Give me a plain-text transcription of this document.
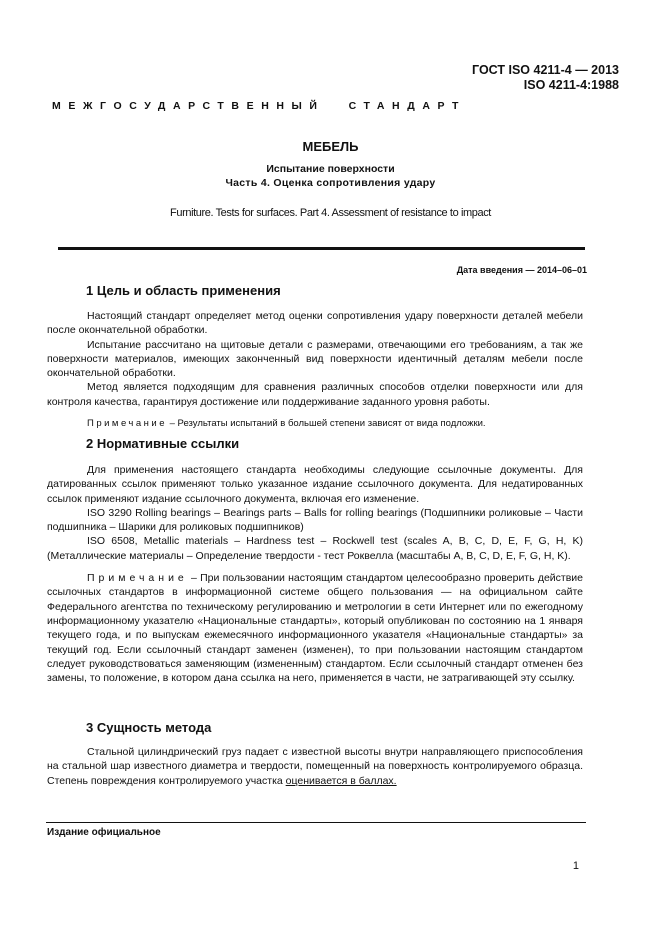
ГОСТ ISO 4211-4 — 2013
ISO 4211-4:1988
МЕЖГОСУДАРСТВЕННЫЙ СТАНДАРТ
МЕБЕЛЬ
Испытание поверхности
Часть 4. Оценка сопротивления удару
Furniture. Tests for surfaces. Part 4. Assessment of resistance to impact
Дата введения — 2014–06–01
1 Цель и область применения

Настоящий стандарт определяет метод оценки сопротивления удару поверхности деталей мебели после окончательной обработки.

Испытание рассчитано на щитовые детали с размерами, отвечающими его требованиям, а так же поверхности материалов, имеющих законченный вид поверхности идентичный деталям мебели после окончательной обработки.

Метод является подходящим для сравнения различных способов отделки поверхности или для контроля качества, гарантируя достижение или поддерживание заданного уровня работы.

Примечание – Результаты испытаний в большей степени зависят от вида подложки.

2 Нормативные ссылки

Для применения настоящего стандарта необходимы следующие ссылочные документы. Для датированных ссылок применяют только указанное издание ссылочного документа. Для недатированных ссылок применяют издание ссылочного документа, включая его изменение.

ISO 3290 Rolling bearings – Bearings parts – Balls for rolling bearings (Подшипники роликовые – Части подшипника – Шарики для роликовых подшипников)

ISO 6508, Metallic materials – Hardness test – Rockwell test (scales A, B, C, D, E, F, G, H, K) (Металлические материалы – Определение твердости - тест Роквелла (масштабы A, B, C, D, E, F, G, H, K).

Примечание – При пользовании настоящим стандартом целесообразно проверить действие ссылочных стандартов в информационной системе общего пользования — на официальном сайте Федерального агентства по техническому регулированию и метрологии в сети Интернет или по ежегодному информационному указателю «Национальные стандарты», который опубликован по состоянию на 1 января текущего года, и по выпускам ежемесячного информационного указателя «Национальные стандарты» за текущий год. Если ссылочный стандарт заменен (изменен), то при пользовании настоящим стандартом следует руководствоваться заменяющим (измененным) стандартом. Если ссылочный стандарт отменен без замены, то положение, в котором дана ссылка на него, применяется в части, не затрагивающей эту ссылку.

3 Сущность метода

Стальной цилиндрический груз падает с известной высоты внутри направляющего приспособления на стальной шар известного диаметра и твердости, помещенный на поверхность контролируемого образца. Степень повреждения контролируемого участка оценивается в баллах.

Издание официальное
1
